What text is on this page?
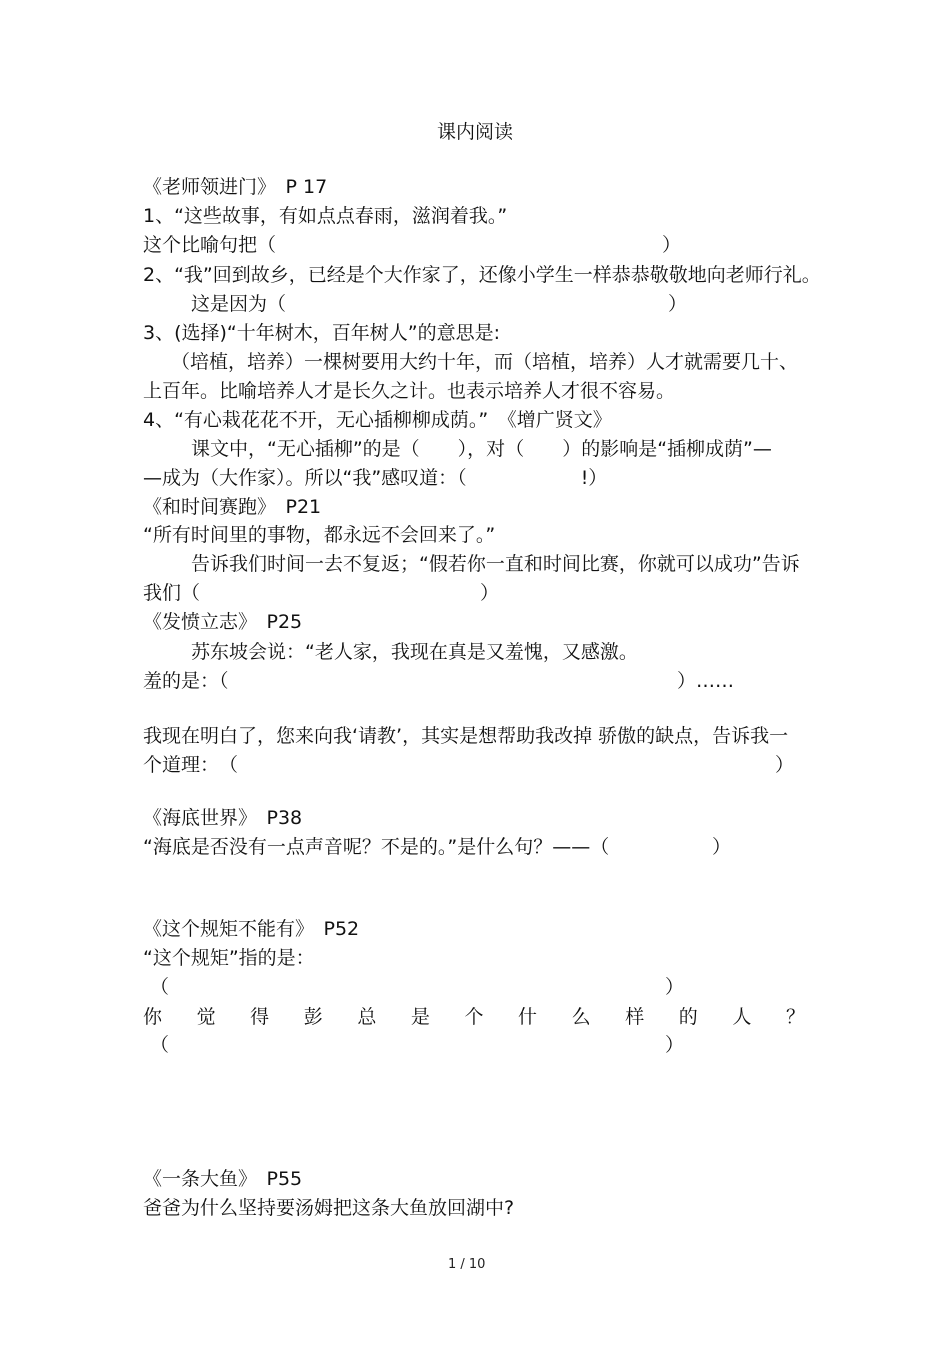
课内阅读
《老师领进门》　P 17
1、“这些故事，有如点点春雨，滋润着我。”
这个比喻句把（	）
2、“我”回到故乡，已经是个大作家了，还像小学生一样恭恭敬敬地向老师行礼。
这是因为（	）
3、(选择)“十年树木，百年树人”的意思是:
（培植，培养）一棵树要用大约十年，而（培植，培养）人才就需要几十、
上百年。比喻培养人才是长久之计。也表示培养人才很不容易。
4、“有心栽花花不开，无心插柳柳成荫。”　《增广贤文》
课文中，“无心插柳”的是（　　），对（　　）的影响是“插柳成荫”—
—成为（大作家）。所以“我”感叹道：（　　　　　　!）
《和时间赛跑》　P21
“所有时间里的事物，都永远不会回来了。”
告诉我们时间一去不复返；“假若你一直和时间比赛，你就可以成功”告诉
我们（	）
《发愤立志》　P25
苏东坡会说：“老人家，我现在真是又羞愧，又感激。
羞的是：（	）……
我现在明白了，您来向我‘请教’，其实是想帮助我改掉 骄傲的缺点，告诉我一
个道理：　（	）
《海底世界》　P38
“海底是否没有一点声音呢？不是的。”是什么句？——（	）
《这个规矩不能有》　P52
“这个规矩”指的是：
（	）
你 觉 得 彭 总 是 个 什 么 样 的 人 ？
（	）
《一条大鱼》　P55
爸爸为什么坚持要汤姆把这条大鱼放回湖中?
1 / 10
